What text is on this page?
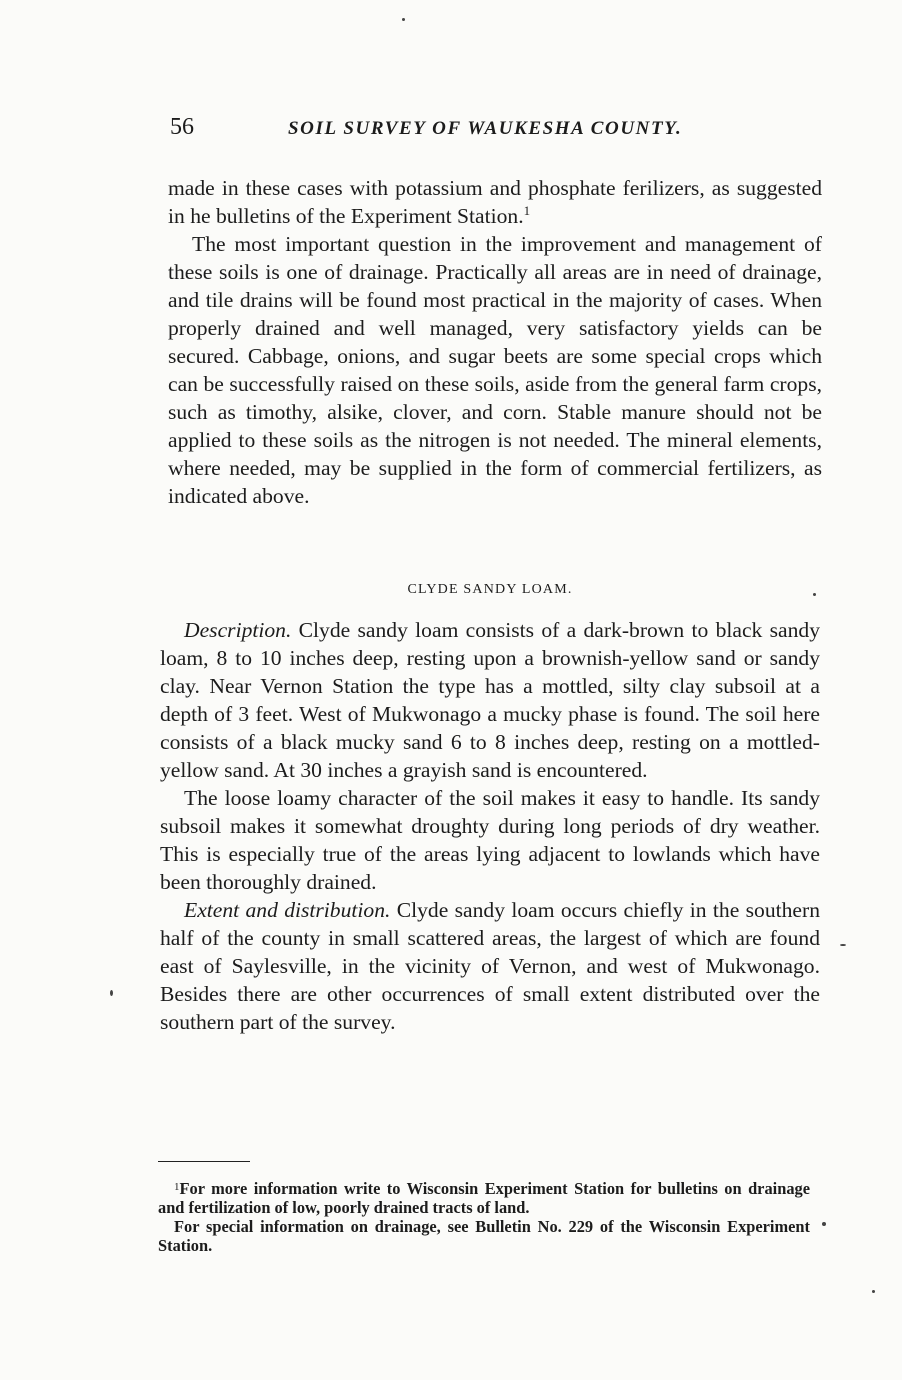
56	SOIL SURVEY OF WAUKESHA COUNTY.

made in these cases with potassium and phosphate ferilizers, as suggested in he bulletins of the Experiment Station.$^1$

The most important question in the improvement and management of these soils is one of drainage. Practically all areas are in need of drainage, and tile drains will be found most practical in the majority of cases. When properly drained and well managed, very satisfactory yields can be secured. Cabbage, onions, and sugar beets are some special crops which can be successfully raised on these soils, aside from the general farm crops, such as timothy, alsike, clover, and corn. Stable manure should not be applied to these soils as the nitrogen is not needed. The mineral elements, where needed, may be supplied in the form of commercial fertilizers, as indicated above.

CLYDE SANDY LOAM.

Description. Clyde sandy loam consists of a dark-brown to black sandy loam, 8 to 10 inches deep, resting upon a brownish-yellow sand or sandy clay. Near Vernon Station the type has a mottled, silty clay subsoil at a depth of 3 feet. West of Mukwonago a mucky phase is found. The soil here consists of a black mucky sand 6 to 8 inches deep, resting on a mottled-yellow sand. At 30 inches a grayish sand is encountered.

The loose loamy character of the soil makes it easy to handle. Its sandy subsoil makes it somewhat droughty during long periods of dry weather. This is especially true of the areas lying adjacent to lowlands which have been thoroughly drained.

Extent and distribution. Clyde sandy loam occurs chiefly in the southern half of the county in small scattered areas, the largest of which are found east of Saylesville, in the vicinity of Vernon, and west of Mukwonago. Besides there are other occurrences of small extent distributed over the southern part of the survey.

$^1$For more information write to Wisconsin Experiment Station for bulletins on drainage and fertilization of low, poorly drained tracts of land.

For special information on drainage, see Bulletin No. 229 of the Wisconsin Experiment Station.
